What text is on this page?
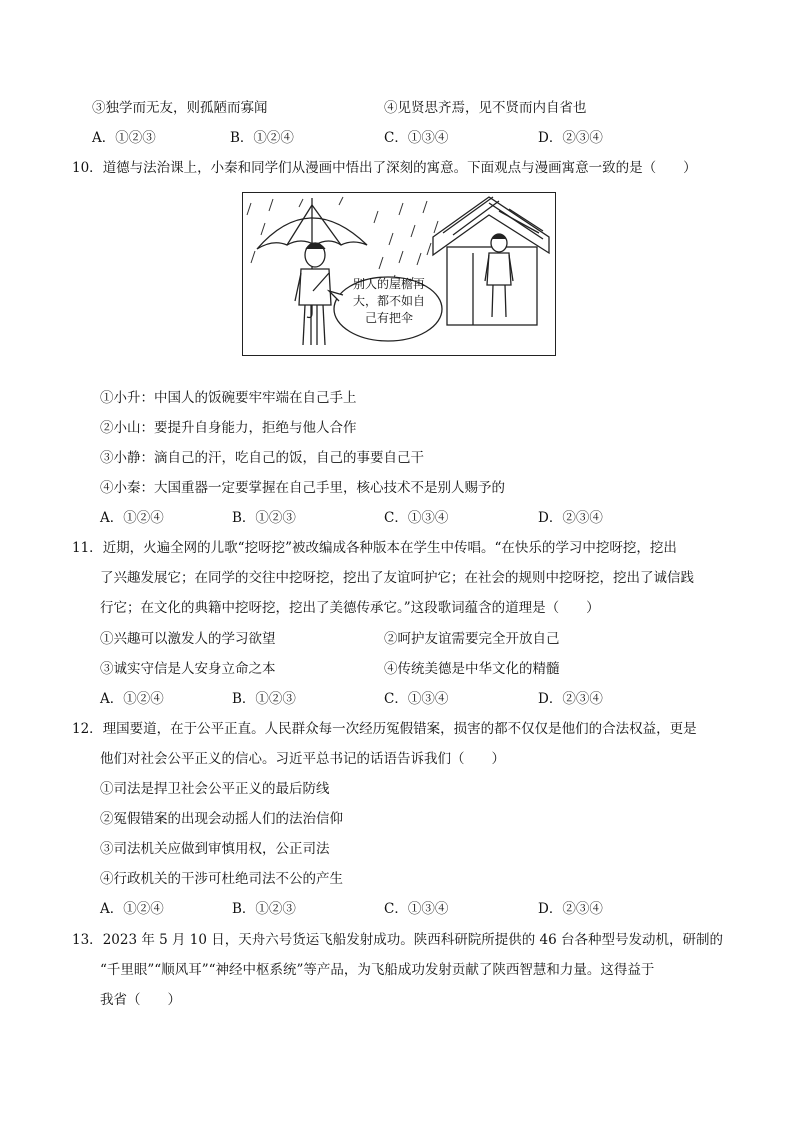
③独学而无友，则孤陋而寡闻	④见贤思齐焉，见不贤而内自省也
A．①②③	B．①②④	C．①③④	D．②③④
10．道德与法治课上，小秦和同学们从漫画中悟出了深刻的寓意。下面观点与漫画寓意一致的是（　　）
别人的屋檐再
大，都不如自
己有把伞
①小升：中国人的饭碗要牢牢端在自己手上
②小山：要提升自身能力，拒绝与他人合作
③小静：滴自己的汗，吃自己的饭，自己的事要自己干
④小秦：大国重器一定要掌握在自己手里，核心技术不是别人赐予的
A．①②④	B．①②③	C．①③④	D．②③④
11．近期，火遍全网的儿歌“挖呀挖”被改编成各种版本在学生中传唱。“在快乐的学习中挖呀挖，挖出
了兴趣发展它；在同学的交往中挖呀挖，挖出了友谊呵护它；在社会的规则中挖呀挖，挖出了诚信践
行它；在文化的典籍中挖呀挖，挖出了美德传承它。”这段歌词蕴含的道理是（　　）
①兴趣可以激发人的学习欲望	②呵护友谊需要完全开放自己
③诚实守信是人安身立命之本	④传统美德是中华文化的精髓
A．①②④	B．①②③	C．①③④	D．②③④
12．理国要道，在于公平正直。人民群众每一次经历冤假错案，损害的都不仅仅是他们的合法权益，更是
他们对社会公平正义的信心。习近平总书记的话语告诉我们（　　）
①司法是捍卫社会公平正义的最后防线
②冤假错案的出现会动摇人们的法治信仰
③司法机关应做到审慎用权，公正司法
④行政机关的干涉可杜绝司法不公的产生
A．①②④	B．①②③	C．①③④	D．②③④
13．2023 年 5 月 10 日，天舟六号货运飞船发射成功。陕西科研院所提供的 46 台各种型号发动机，研制的
“千里眼”“顺风耳”“神经中枢系统”等产品，为飞船成功发射贡献了陕西智慧和力量。这得益于
我省（　　）
